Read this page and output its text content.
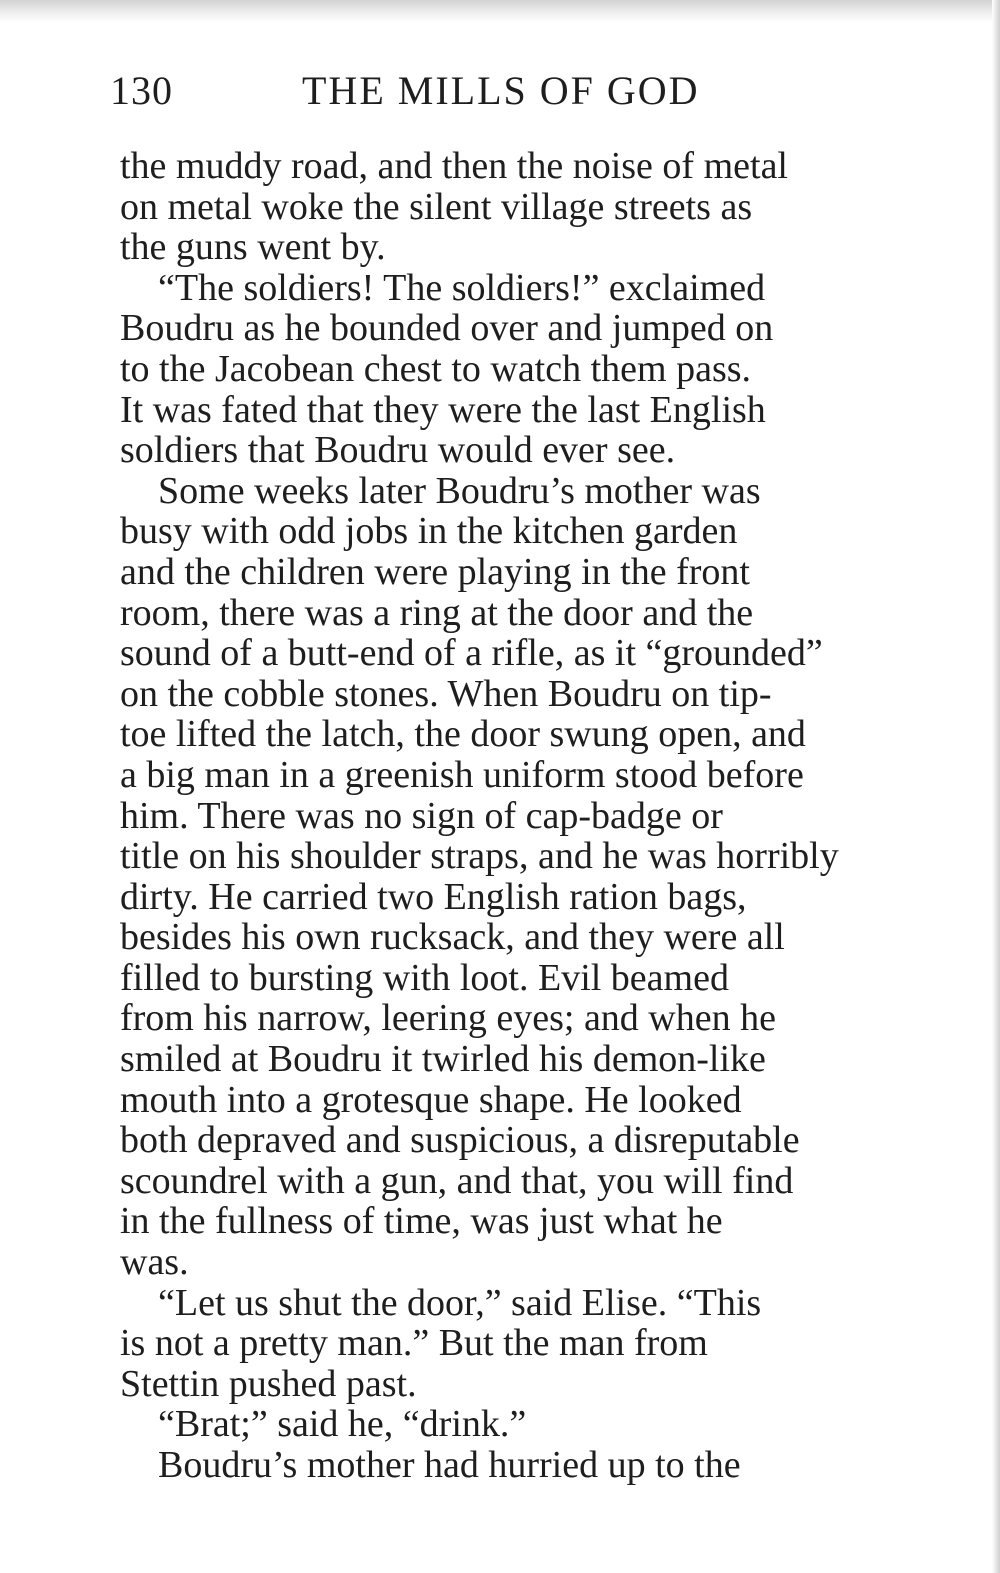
130	THE MILLS OF GOD
the muddy road, and then the noise of metal
on metal woke the silent village streets as
the guns went by.
“The soldiers! The soldiers!” exclaimed
Boudru as he bounded over and jumped on
to the Jacobean chest to watch them pass.
It was fated that they were the last English
soldiers that Boudru would ever see.
Some weeks later Boudru’s mother was
busy with odd jobs in the kitchen garden
and the children were playing in the front
room, there was a ring at the door and the
sound of a butt-end of a rifle, as it “grounded”
on the cobble stones. When Boudru on tip-
toe lifted the latch, the door swung open, and
a big man in a greenish uniform stood before
him. There was no sign of cap-badge or
title on his shoulder straps, and he was horribly
dirty. He carried two English ration bags,
besides his own rucksack, and they were all
filled to bursting with loot. Evil beamed
from his narrow, leering eyes; and when he
smiled at Boudru it twirled his demon-like
mouth into a grotesque shape. He looked
both depraved and suspicious, a disreputable
scoundrel with a gun, and that, you will find
in the fullness of time, was just what he
was.
“Let us shut the door,” said Elise. “This
is not a pretty man.” But the man from
Stettin pushed past.
“Brat;” said he, “drink.”
Boudru’s mother had hurried up to the
